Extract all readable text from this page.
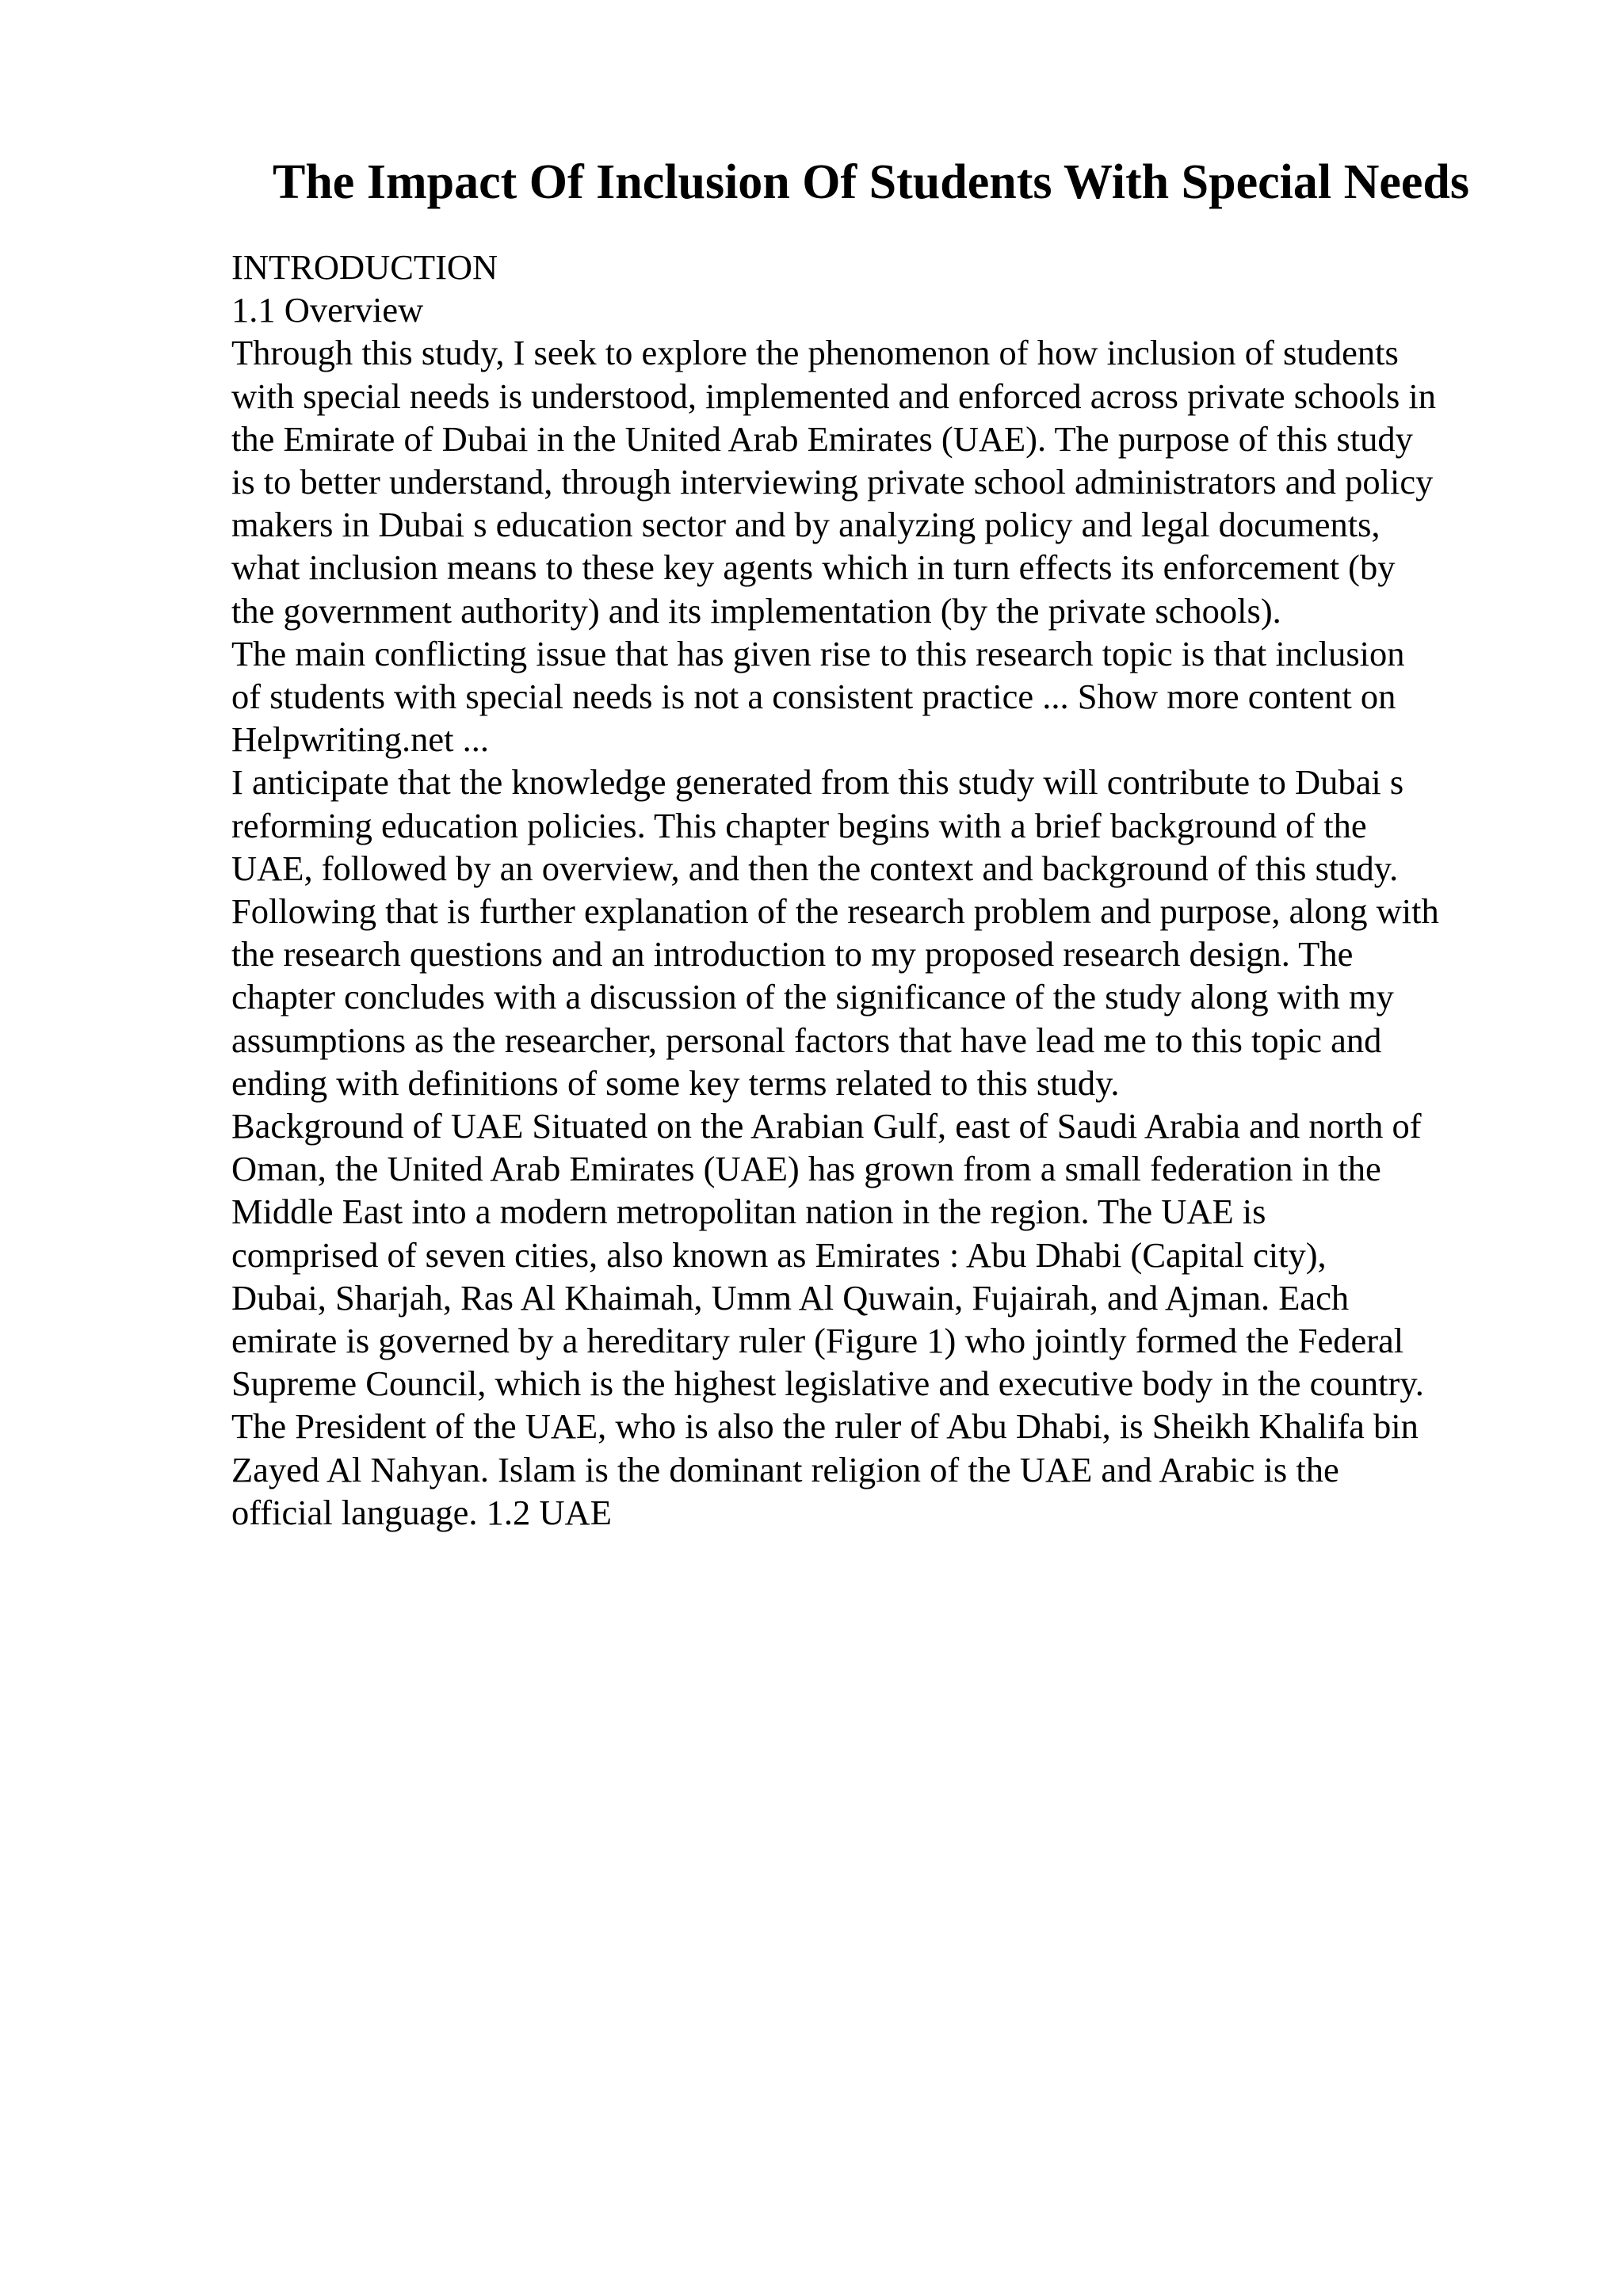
The Impact Of Inclusion Of Students With Special Needs
INTRODUCTION
1.1 Overview
Through this study, I seek to explore the phenomenon of how inclusion of students
with special needs is understood, implemented and enforced across private schools in
the Emirate of Dubai in the United Arab Emirates (UAE). The purpose of this study
is to better understand, through interviewing private school administrators and policy
makers in Dubai s education sector and by analyzing policy and legal documents,
what inclusion means to these key agents which in turn effects its enforcement (by
the government authority) and its implementation (by the private schools).
The main conflicting issue that has given rise to this research topic is that inclusion
of students with special needs is not a consistent practice ... Show more content on
Helpwriting.net ...
I anticipate that the knowledge generated from this study will contribute to Dubai s
reforming education policies. This chapter begins with a brief background of the
UAE, followed by an overview, and then the context and background of this study.
Following that is further explanation of the research problem and purpose, along with
the research questions and an introduction to my proposed research design. The
chapter concludes with a discussion of the significance of the study along with my
assumptions as the researcher, personal factors that have lead me to this topic and
ending with definitions of some key terms related to this study.
Background of UAE Situated on the Arabian Gulf, east of Saudi Arabia and north of
Oman, the United Arab Emirates (UAE) has grown from a small federation in the
Middle East into a modern metropolitan nation in the region. The UAE is
comprised of seven cities, also known as Emirates : Abu Dhabi (Capital city),
Dubai, Sharjah, Ras Al Khaimah, Umm Al Quwain, Fujairah, and Ajman. Each
emirate is governed by a hereditary ruler (Figure 1) who jointly formed the Federal
Supreme Council, which is the highest legislative and executive body in the country.
The President of the UAE, who is also the ruler of Abu Dhabi, is Sheikh Khalifa bin
Zayed Al Nahyan. Islam is the dominant religion of the UAE and Arabic is the
official language. 1.2 UAE
